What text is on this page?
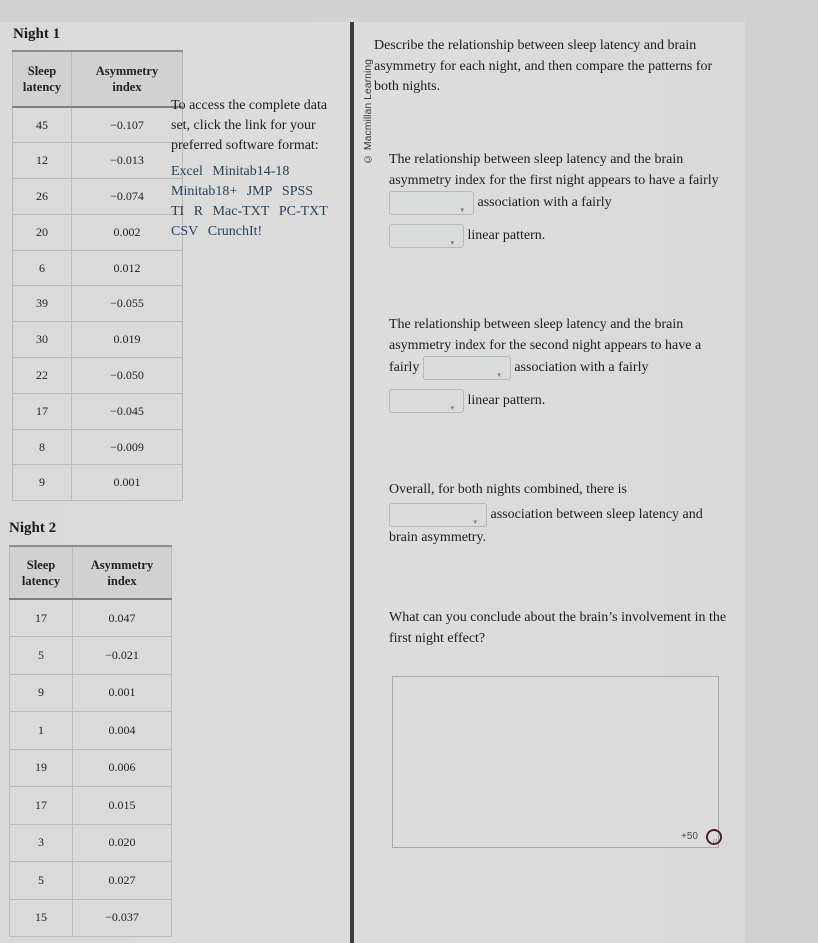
Night 1
Sleep
latency	Asymmetry
index
45	−0.107
12	−0.013
26	−0.074
20	0.002
6	0.012
39	−0.055
30	0.019
22	−0.050
17	−0.045
8	−0.009
9	0.001
Night 2
Sleep
latency	Asymmetry
index
17	0.047
5	−0.021
9	0.001
1	0.004
19	0.006
17	0.015
3	0.020
5	0.027
15	−0.037
To access the complete data set, click the link for your preferred software format:
Excel Minitab14-18 Minitab18+ JMP SPSS TI R Mac-TXT PC-TXT CSV CrunchIt!
© Macmillan Learning
Describe the relationship between sleep latency and brain asymmetry for each night, and then compare the patterns for both nights.
The relationship between sleep latency and the brain asymmetry index for the first night appears to have a fairly
▾ association with a fairly
▾ linear pattern.
The relationship between sleep latency and the brain asymmetry index for the second night appears to have a fairly	▾ association with a fairly
▾ linear pattern.
Overall, for both nights combined, there is
▾ association between sleep latency and brain asymmetry.
What can you conclude about the brain’s involvement in the first night effect?
+50 ∕∕
